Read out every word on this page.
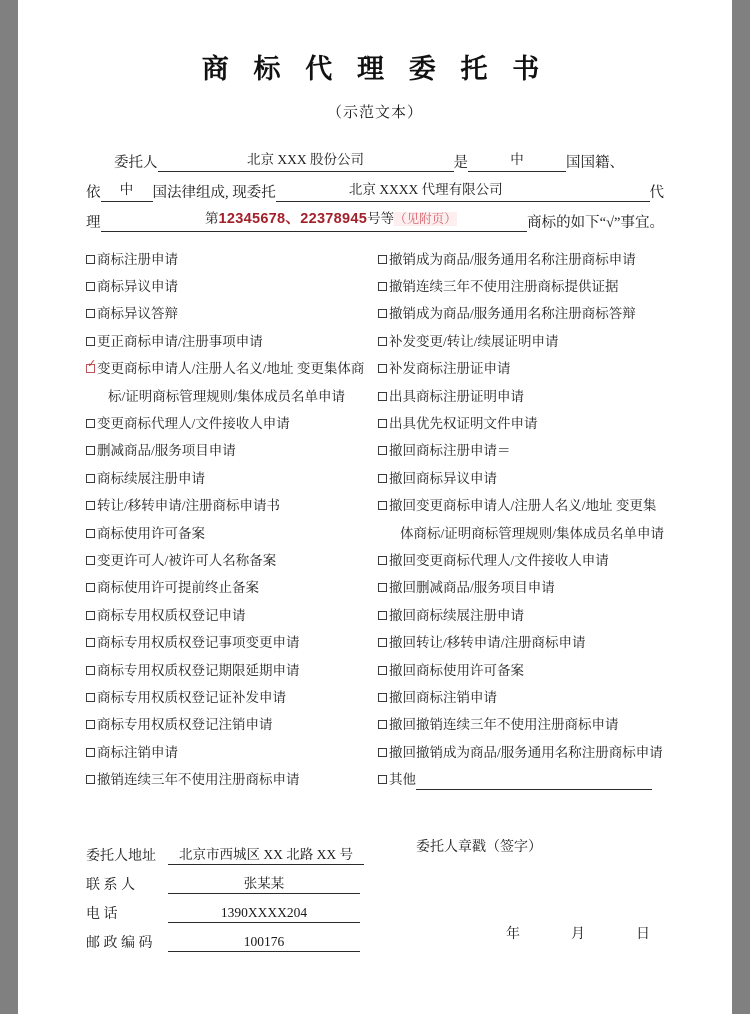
商 标 代 理 委 托 书
（示范文本）
委托人	北京 XXX 股份公司	是	中	国国籍、
依	中	国法律组成, 现委托	北京 XXXX 代理有限公司	代
理	第12345678、22378945号等（见附页）	商标的如下“√”事宜。
商标注册申请
商标异议申请
商标异议答辩
更正商标申请/注册事项申请
✓变更商标申请人/注册人名义/地址 变更集体商
标/证明商标管理规则/集体成员名单申请
变更商标代理人/文件接收人申请
删减商品/服务项目申请
商标续展注册申请
转让/移转申请/注册商标申请书
商标使用许可备案
变更许可人/被许可人名称备案
商标使用许可提前终止备案
商标专用权质权登记申请
商标专用权质权登记事项变更申请
商标专用权质权登记期限延期申请
商标专用权质权登记证补发申请
商标专用权质权登记注销申请
商标注销申请
撤销连续三年不使用注册商标申请
撤销成为商品/服务通用名称注册商标申请
撤销连续三年不使用注册商标提供证据
撤销成为商品/服务通用名称注册商标答辩
补发变更/转让/续展证明申请
补发商标注册证申请
出具商标注册证明申请
出具优先权证明文件申请
撤回商标注册申请＝
撤回商标异议申请
撤回变更商标申请人/注册人名义/地址 变更集
体商标/证明商标管理规则/集体成员名单申请
撤回变更商标代理人/文件接收人申请
撤回删减商品/服务项目申请
撤回商标续展注册申请
撤回转让/移转申请/注册商标申请
撤回商标使用许可备案
撤回商标注销申请
撤回撤销连续三年不使用注册商标申请
撤回撤销成为商品/服务通用名称注册商标申请
其他
委托人地址	北京市西城区 XX 北路 XX 号
联 系 人	张某某
电 话	1390XXXX204
邮 政 编 码	100176
委托人章戳（签字）
年	月	日
